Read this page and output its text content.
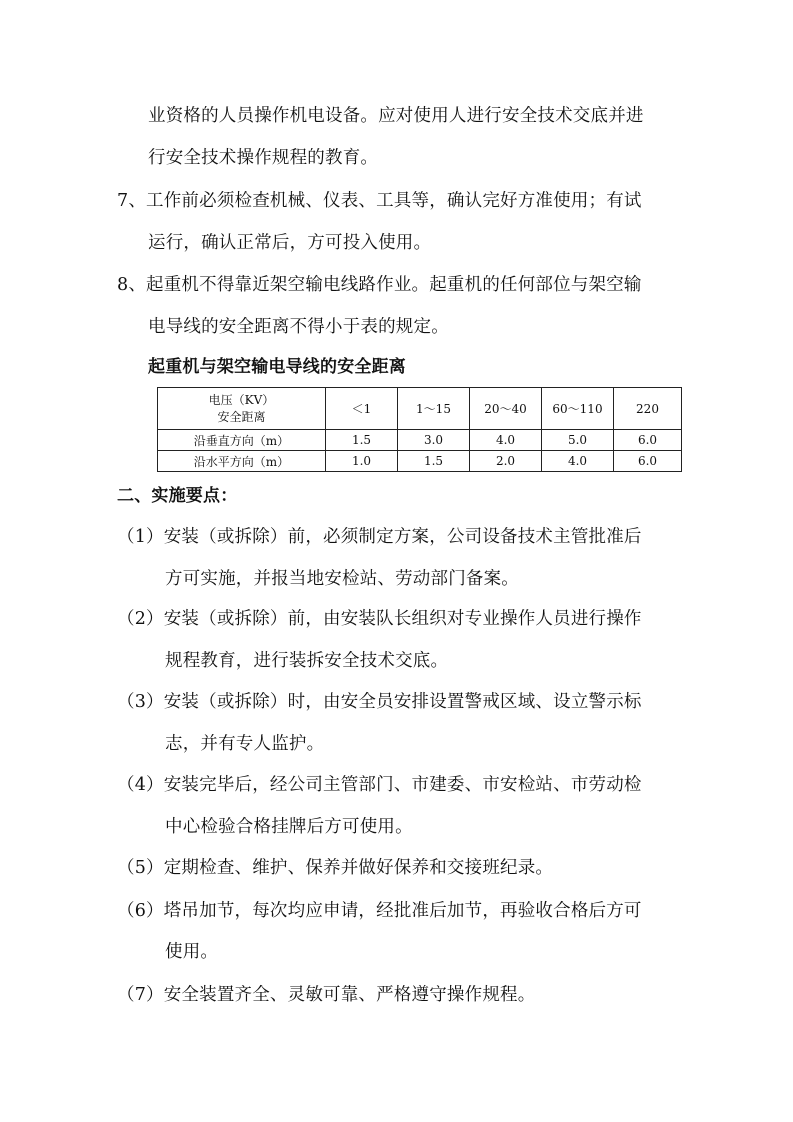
业资格的人员操作机电设备。应对使用人进行安全技术交底并进
行安全技术操作规程的教育。
7、工作前必须检查机械、仪表、工具等，确认完好方准使用；有试
运行，确认正常后，方可投入使用。
8、起重机不得靠近架空输电线路作业。起重机的任何部位与架空输
电导线的安全距离不得小于表的规定。
起重机与架空输电导线的安全距离
电压（KV）
安全距离	＜1	1～15	20～40	60～110	220
沿垂直方向（m）	1.5	3.0	4.0	5.0	6.0
沿水平方向（m）	1.0	1.5	2.0	4.0	6.0
二、实施要点：
（1）安装（或拆除）前，必须制定方案，公司设备技术主管批准后
方可实施，并报当地安检站、劳动部门备案。
（2）安装（或拆除）前，由安装队长组织对专业操作人员进行操作
规程教育，进行装拆安全技术交底。
（3）安装（或拆除）时，由安全员安排设置警戒区域、设立警示标
志，并有专人监护。
（4）安装完毕后，经公司主管部门、市建委、市安检站、市劳动检
中心检验合格挂牌后方可使用。
（5）定期检查、维护、保养并做好保养和交接班纪录。
（6）塔吊加节，每次均应申请，经批准后加节，再验收合格后方可
使用。
（7）安全装置齐全、灵敏可靠、严格遵守操作规程。
